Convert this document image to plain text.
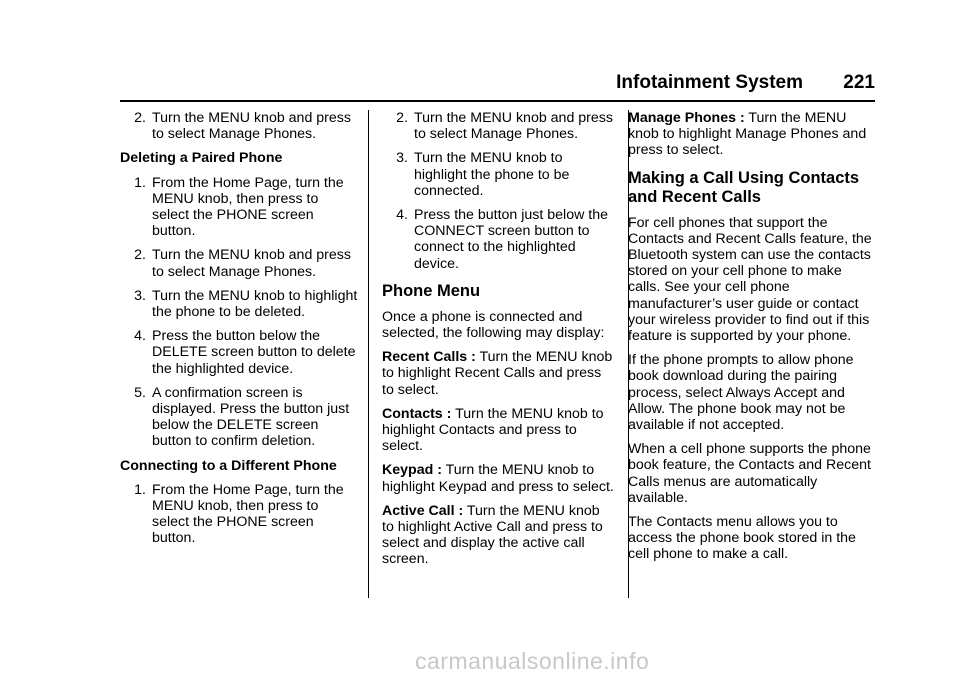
Infotainment System 221
2. Turn the MENU knob and press to select Manage Phones.
Deleting a Paired Phone
1. From the Home Page, turn the MENU knob, then press to select the PHONE screen button.
2. Turn the MENU knob and press to select Manage Phones.
3. Turn the MENU knob to highlight the phone to be deleted.
4. Press the button below the DELETE screen button to delete the highlighted device.
5. A confirmation screen is displayed. Press the button just below the DELETE screen button to confirm deletion.
Connecting to a Different Phone
1. From the Home Page, turn the MENU knob, then press to select the PHONE screen button.
2. Turn the MENU knob and press to select Manage Phones.
3. Turn the MENU knob to highlight the phone to be connected.
4. Press the button just below the CONNECT screen button to connect to the highlighted device.
Phone Menu
Once a phone is connected and selected, the following may display:
Recent Calls : Turn the MENU knob to highlight Recent Calls and press to select.
Contacts : Turn the MENU knob to highlight Contacts and press to select.
Keypad : Turn the MENU knob to highlight Keypad and press to select.
Active Call : Turn the MENU knob to highlight Active Call and press to select and display the active call screen.
Manage Phones : Turn the MENU knob to highlight Manage Phones and press to select.
Making a Call Using Contacts and Recent Calls
For cell phones that support the Contacts and Recent Calls feature, the Bluetooth system can use the contacts stored on your cell phone to make calls. See your cell phone manufacturer’s user guide or contact your wireless provider to find out if this feature is supported by your phone.
If the phone prompts to allow phone book download during the pairing process, select Always Accept and Allow. The phone book may not be available if not accepted.
When a cell phone supports the phone book feature, the Contacts and Recent Calls menus are automatically available.
The Contacts menu allows you to access the phone book stored in the cell phone to make a call.
carmanualsonline.info
